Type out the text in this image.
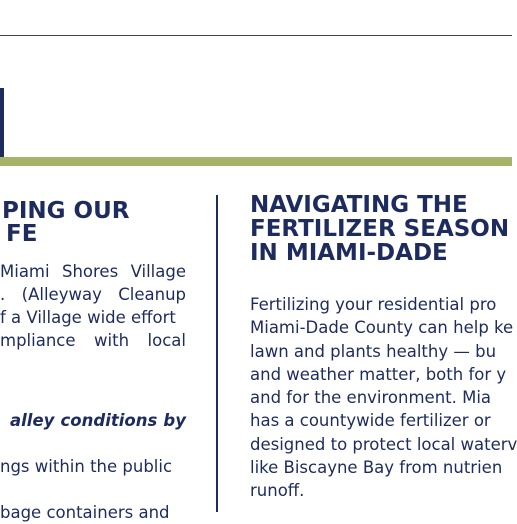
PING OUR
FE
Miami Shores Village
. (Alleyway Cleanup
f a Village wide effort
mpliance with local
alley conditions by
ngs within the public
bage containers and
NAVIGATING THE
FERTILIZER SEASON
IN MIAMI-DADE
Fertilizing your residential pro
Miami-Dade County can help ke
lawn and plants healthy — bu
and weather matter, both for y
and for the environment. Mia
has a countywide fertilizer or
designed to protect local waterv
like Biscayne Bay from nutrien
runoff.
